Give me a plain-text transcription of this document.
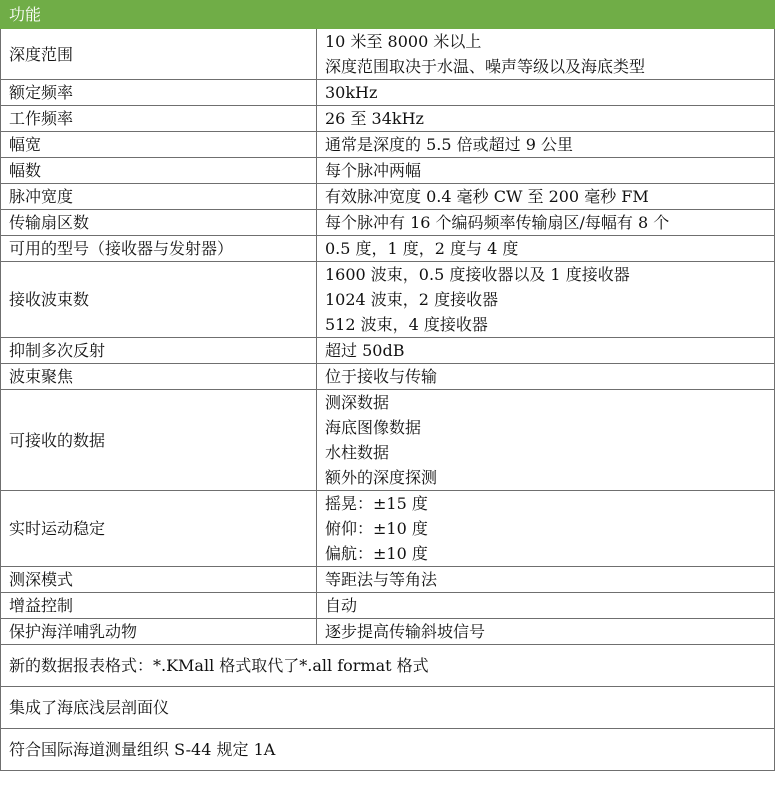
功能	
深度范围	10 米至 8000 米以上
深度范围取决于水温、噪声等级以及海底类型

额定频率	30kHz

工作频率	26 至 34kHz

幅宽	通常是深度的 5.5 倍或超过 9 公里

幅数	每个脉冲两幅

脉冲宽度	有效脉冲宽度 0.4 毫秒 CW 至 200 毫秒 FM

传输扇区数	每个脉冲有 16 个编码频率传输扇区/每幅有 8 个

可用的型号（接收器与发射器）	0.5 度，1 度，2 度与 4 度

接收波束数	1600 波束，0.5 度接收器以及 1 度接收器
1024 波束，2 度接收器
512 波束，4 度接收器

抑制多次反射	超过 50dB

波束聚焦	位于接收与传输

可接收的数据	测深数据
海底图像数据
水柱数据
额外的深度探测

实时运动稳定	摇晃：±15 度
俯仰：±10 度
偏航：±10 度

测深模式	等距法与等角法

增益控制	自动

保护海洋哺乳动物	逐步提高传输斜坡信号

新的数据报表格式：*.KMall 格式取代了*.all format 格式	
集成了海底浅层剖面仪	
符合国际海道测量组织 S-44 规定 1A	
